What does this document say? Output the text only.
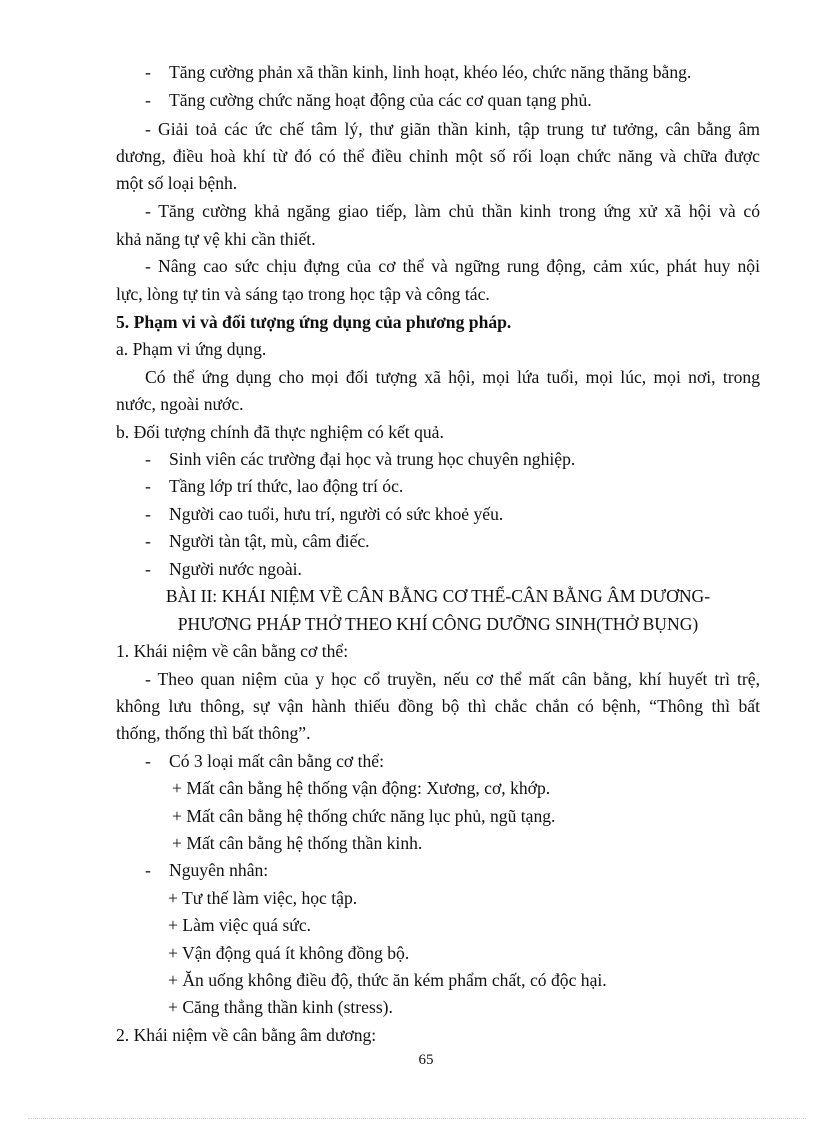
- Tăng cường phản xã thần kinh, linh hoạt, khéo léo, chức năng thăng bằng.
- Tăng cường chức năng hoạt động của các cơ quan tạng phủ.
- Giải toả các ức chế tâm lý, thư giãn thần kinh, tập trung tư tưởng, cân bằng âm
dương, điều hoà khí từ đó có thể điều chỉnh một số rối loạn chức năng và chữa được
một số loại bệnh.
- Tăng cường khả ngăng giao tiếp, làm chủ thần kinh trong ứng xử xã hội và có
khả năng tự vệ khi cần thiết.
- Nâng cao sức chịu đựng của cơ thể và ngững rung động, cảm xúc, phát huy nội
lực, lòng tự tin và sáng tạo trong học tập và công tác.
5. Phạm vi và đối tượng ứng dụng của phương pháp.
a. Phạm vi ứng dụng.
Có thể ứng dụng cho mọi đối tượng xã hội, mọi lứa tuổi, mọi lúc, mọi nơi, trong
nước, ngoài nước.
b. Đối tượng chính đã thực nghiệm có kết quả.
- Sinh viên các trường đại học và trung học chuyên nghiệp.
- Tầng lớp trí thức, lao động trí óc.
- Người cao tuổi, hưu trí, người có sức khoẻ yếu.
- Người tàn tật, mù, câm điếc.
- Người nước ngoài.
BÀI II: KHÁI NIỆM VỀ CÂN BẰNG CƠ THỂ-CÂN BẰNG ÂM DƯƠNG-
PHƯƠNG PHÁP THỞ THEO KHÍ CÔNG DƯỠNG SINH(THỞ BỤNG)
1. Khái niệm về cân bằng cơ thể:
- Theo quan niệm của y học cổ truyền, nếu cơ thể mất cân bằng, khí huyết trì trệ,
không lưu thông, sự vận hành thiếu đồng bộ thì chắc chắn có bệnh, “Thông thì bất
thống, thống thì bất thông”.
- Có 3 loại mất cân bằng cơ thể:
+ Mất cân bằng hệ thống vận động: Xương, cơ, khớp.
+ Mất cân bằng hệ thống chức năng lục phủ, ngũ tạng.
+ Mất cân bằng hệ thống thần kinh.
- Nguyên nhân:
+ Tư thế làm việc, học tập.
+ Làm việc quá sức.
+ Vận động quá ít không đồng bộ.
+ Ăn uống không điều độ, thức ăn kém phẩm chất, có độc hại.
+ Căng thẳng thần kinh (stress).
2. Khái niệm về cân bằng âm dương:
65
